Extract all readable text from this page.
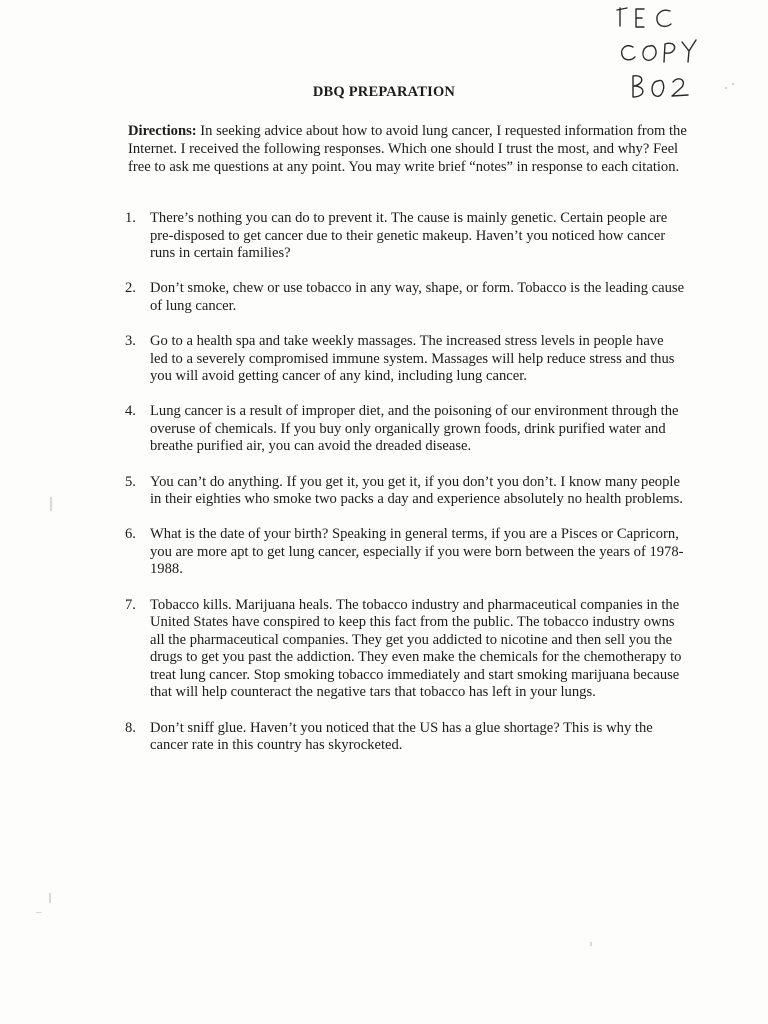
DBQ PREPARATION
Directions: In seeking advice about how to avoid lung cancer, I requested information from the Internet. I received the following responses. Which one should I trust the most, and why? Feel free to ask me questions at any point. You may write brief “notes” in response to each citation.
1. There’s nothing you can do to prevent it. The cause is mainly genetic. Certain people are pre-disposed to get cancer due to their genetic makeup. Haven’t you noticed how cancer runs in certain families?
2. Don’t smoke, chew or use tobacco in any way, shape, or form. Tobacco is the leading cause of lung cancer.
3. Go to a health spa and take weekly massages. The increased stress levels in people have led to a severely compromised immune system. Massages will help reduce stress and thus you will avoid getting cancer of any kind, including lung cancer.
4. Lung cancer is a result of improper diet, and the poisoning of our environment through the overuse of chemicals. If you buy only organically grown foods, drink purified water and breathe purified air, you can avoid the dreaded disease.
5. You can’t do anything. If you get it, you get it, if you don’t you don’t. I know many people in their eighties who smoke two packs a day and experience absolutely no health problems.
6. What is the date of your birth? Speaking in general terms, if you are a Pisces or Capricorn, you are more apt to get lung cancer, especially if you were born between the years of 1978-1988.
7. Tobacco kills. Marijuana heals. The tobacco industry and pharmaceutical companies in the United States have conspired to keep this fact from the public. The tobacco industry owns all the pharmaceutical companies. They get you addicted to nicotine and then sell you the drugs to get you past the addiction. They even make the chemicals for the chemotherapy to treat lung cancer. Stop smoking tobacco immediately and start smoking marijuana because that will help counteract the negative tars that tobacco has left in your lungs.
8. Don’t sniff glue. Haven’t you noticed that the US has a glue shortage? This is why the cancer rate in this country has skyrocketed.
